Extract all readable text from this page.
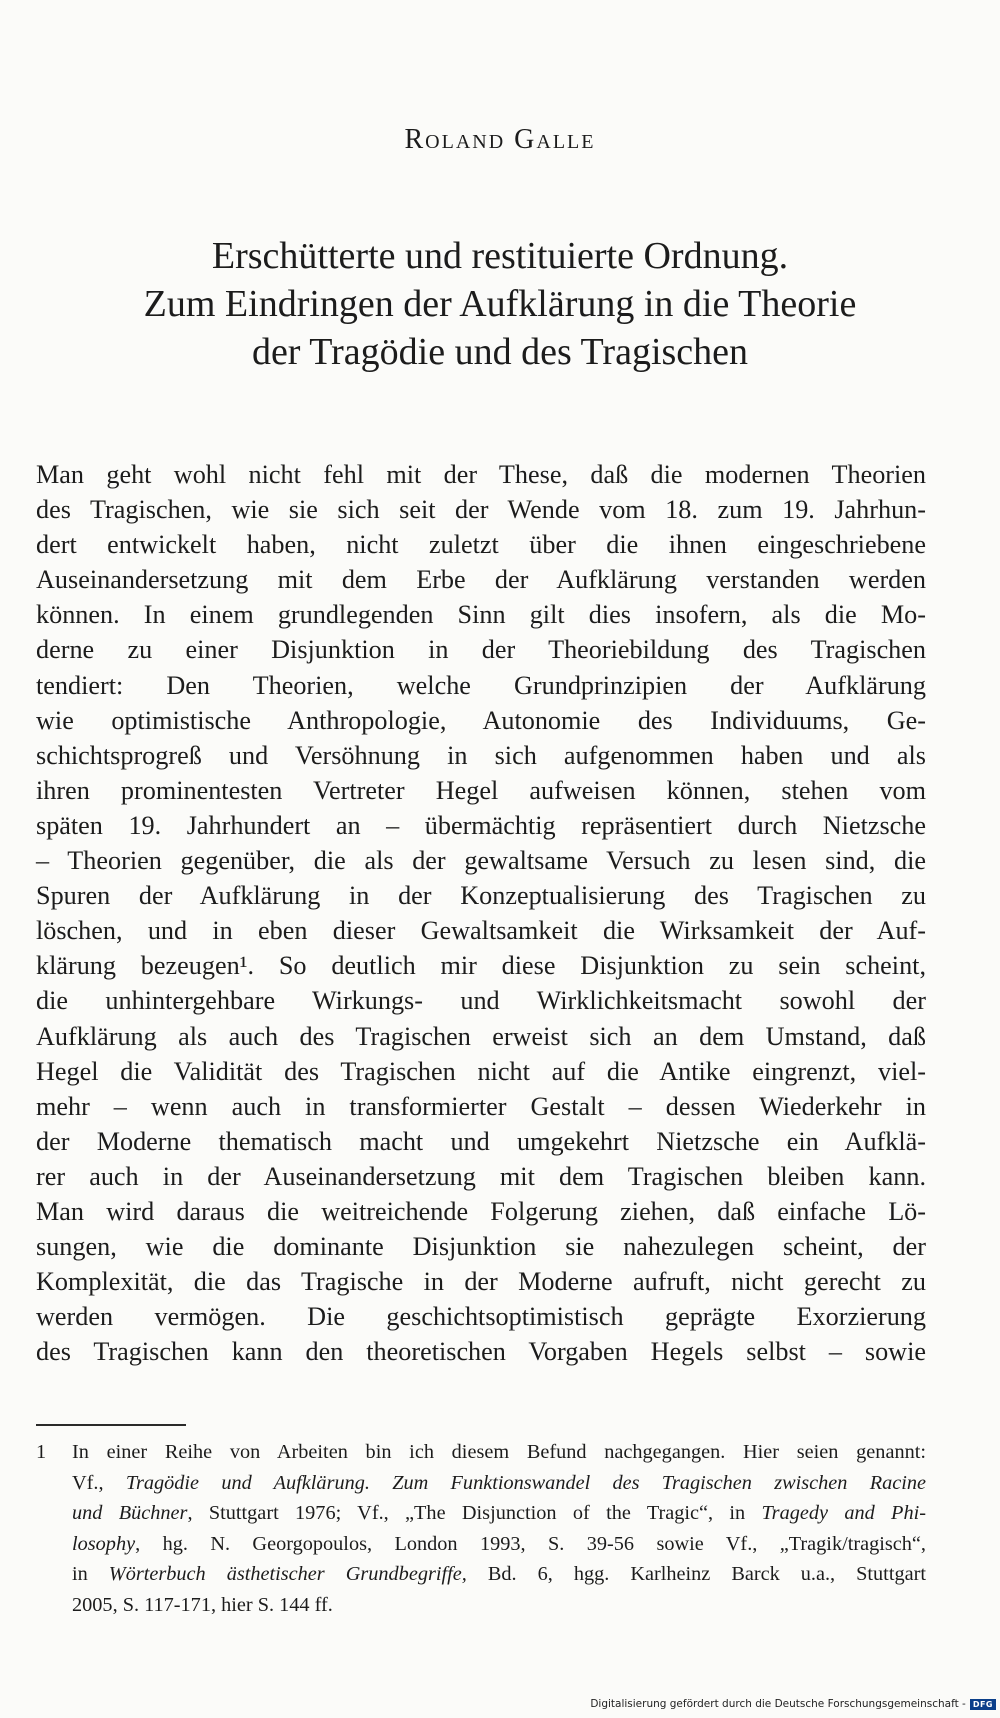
Roland Galle
Erschütterte und restituierte Ordnung.
Zum Eindringen der Aufklärung in die Theorie
der Tragödie und des Tragischen
Man geht wohl nicht fehl mit der These, daß die modernen Theorien
des Tragischen, wie sie sich seit der Wende vom 18. zum 19. Jahrhun-
dert entwickelt haben, nicht zuletzt über die ihnen eingeschriebene
Auseinandersetzung mit dem Erbe der Aufklärung verstanden werden
können. In einem grundlegenden Sinn gilt dies insofern, als die Mo-
derne zu einer Disjunktion in der Theoriebildung des Tragischen
tendiert: Den Theorien, welche Grundprinzipien der Aufklärung
wie optimistische Anthropologie, Autonomie des Individuums, Ge-
schichtsprogreß und Versöhnung in sich aufgenommen haben und als
ihren prominentesten Vertreter Hegel aufweisen können, stehen vom
späten 19. Jahrhundert an – übermächtig repräsentiert durch Nietzsche
– Theorien gegenüber, die als der gewaltsame Versuch zu lesen sind, die
Spuren der Aufklärung in der Konzeptualisierung des Tragischen zu
löschen, und in eben dieser Gewaltsamkeit die Wirksamkeit der Auf-
klärung bezeugen¹. So deutlich mir diese Disjunktion zu sein scheint,
die unhintergehbare Wirkungs- und Wirklichkeitsmacht sowohl der
Aufklärung als auch des Tragischen erweist sich an dem Umstand, daß
Hegel die Validität des Tragischen nicht auf die Antike eingrenzt, viel-
mehr – wenn auch in transformierter Gestalt – dessen Wiederkehr in
der Moderne thematisch macht und umgekehrt Nietzsche ein Aufklä-
rer auch in der Auseinandersetzung mit dem Tragischen bleiben kann.
Man wird daraus die weitreichende Folgerung ziehen, daß einfache Lö-
sungen, wie die dominante Disjunktion sie nahezulegen scheint, der
Komplexität, die das Tragische in der Moderne aufruft, nicht gerecht zu
werden vermögen. Die geschichtsoptimistisch geprägte Exorzierung
des Tragischen kann den theoretischen Vorgaben Hegels selbst – sowie
1 In einer Reihe von Arbeiten bin ich diesem Befund nachgegangen. Hier seien genannt:
Vf., Tragödie und Aufklärung. Zum Funktionswandel des Tragischen zwischen Racine
und Büchner, Stuttgart 1976; Vf., „The Disjunction of the Tragic“, in Tragedy and Phi-
losophy, hg. N. Georgopoulos, London 1993, S. 39-56 sowie Vf., „Tragik/tragisch“,
in Wörterbuch ästhetischer Grundbegriffe, Bd. 6, hgg. Karlheinz Barck u.a., Stuttgart
2005, S. 117-171, hier S. 144 ff.
Digitalisierung gefördert durch die Deutsche Forschungsgemeinschaft - DFG
